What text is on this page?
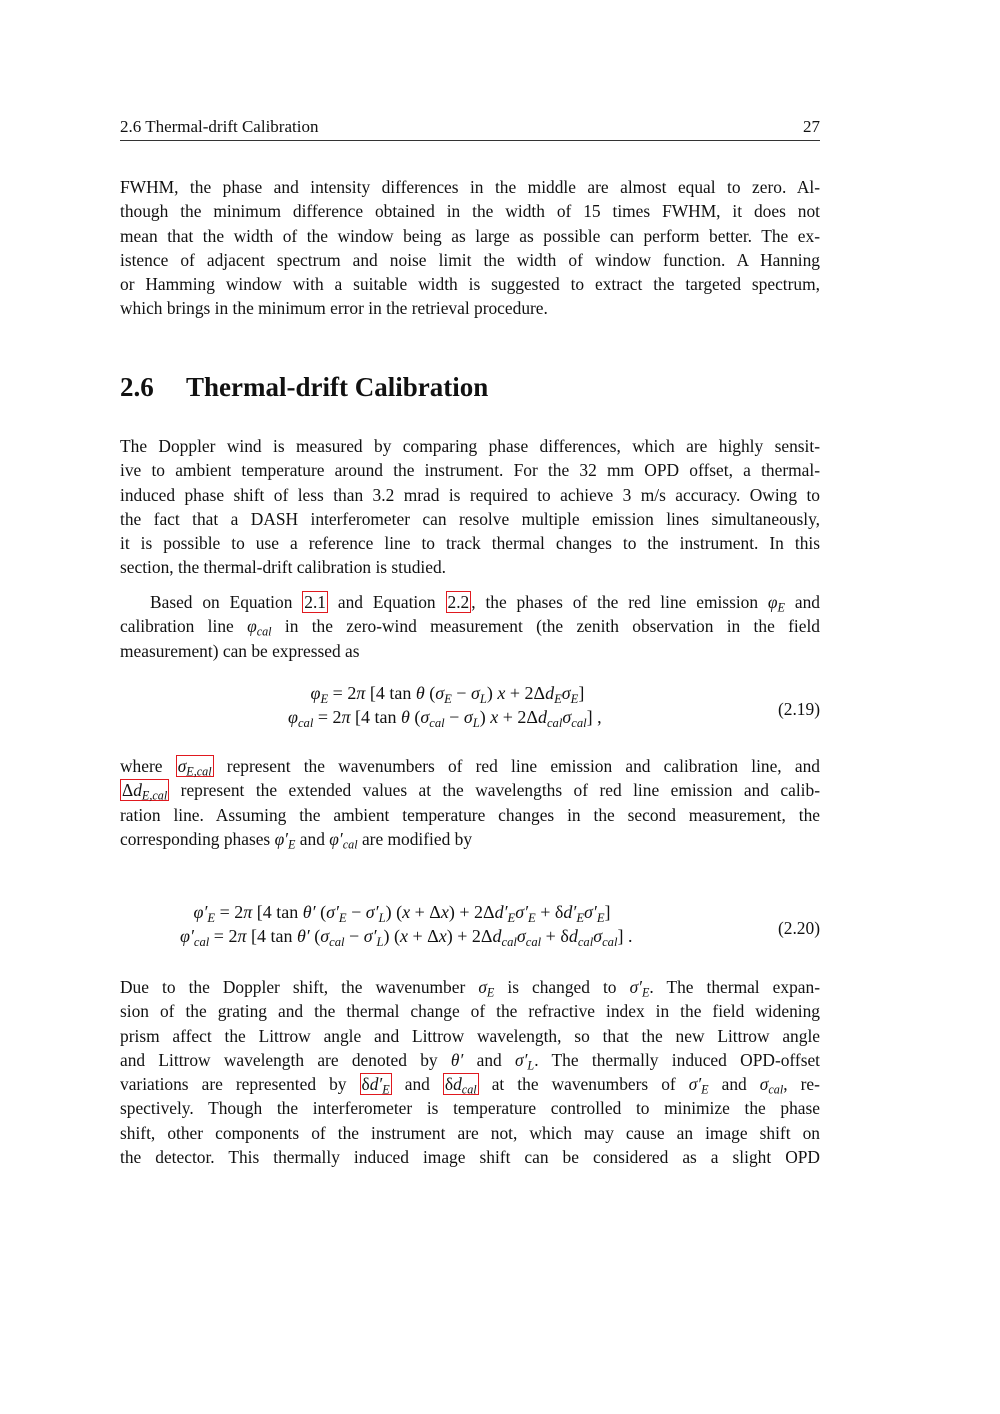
2.6 Thermal-drift Calibration	27
FWHM, the phase and intensity differences in the middle are almost equal to zero. Al-
though the minimum difference obtained in the width of 15 times FWHM, it does not
mean that the width of the window being as large as possible can perform better. The ex-
istence of adjacent spectrum and noise limit the width of window function. A Hanning
or Hamming window with a suitable width is suggested to extract the targeted spectrum,
which brings in the minimum error in the retrieval procedure.
2.6 Thermal-drift Calibration
The Doppler wind is measured by comparing phase differences, which are highly sensit-
ive to ambient temperature around the instrument. For the 32 mm OPD offset, a thermal-
induced phase shift of less than 3.2 mrad is required to achieve 3 m/s accuracy. Owing to
the fact that a DASH interferometer can resolve multiple emission lines simultaneously,
it is possible to use a reference line to track thermal changes to the instrument. In this
section, the thermal-drift calibration is studied.
Based on Equation 2.1 and Equation 2.2 , the phases of the red line emission $\varphi_E$ and
calibration line $\varphi_{cal}$ in the zero-wind measurement (the zenith observation in the field
measurement) can be expressed as
$\varphi_E = 2\pi$ [4 tan θ $(\sigma_E - \sigma_L) x + 2\Delta d_E\sigma_E$]
$\varphi_{cal} = 2\pi$ [4 tan θ $(\sigma_{cal} - \sigma_L) x + 2\Delta d_{cal}\sigma_{cal}$] ,	(2.19)
where $\sigma_{E,cal}$ represent the wavenumbers of red line emission and calibration line, and
$\Delta d_{E,cal}$ represent the extended values at the wavelengths of red line emission and calib-
ration line. Assuming the ambient temperature changes in the second measurement, the
corresponding phases $\varphi'_E$ and $\varphi'_{cal}$ are modified by
$\varphi'_E = 2\pi$ [4 tan θ′ $(\sigma'_E - \sigma'_L) (x + \Delta x) + 2\Delta d'_E\sigma'_E + \delta d'_E\sigma'_E$]
$\varphi'_{cal} = 2\pi$ [4 tan θ′ $(\sigma_{cal} - \sigma'_L) (x + \Delta x) + 2\Delta d_{cal}\sigma_{cal} + \delta d_{cal}\sigma_{cal}$] .	(2.20)
Due to the Doppler shift, the wavenumber $\sigma_E$ is changed to $\sigma'_E$. The thermal expan-
sion of the grating and the thermal change of the refractive index in the field widening
prism affect the Littrow angle and Littrow wavelength, so that the new Littrow angle
and Littrow wavelength are denoted by θ′ and $\sigma'_L$. The thermally induced OPD-offset
variations are represented by $\delta d'_E$ and $\delta d_{cal}$ at the wavenumbers of $\sigma'_E$ and $\sigma_{cal}$, re-
spectively. Though the interferometer is temperature controlled to minimize the phase
shift, other components of the instrument are not, which may cause an image shift on
the detector. This thermally induced image shift can be considered as a slight OPD
